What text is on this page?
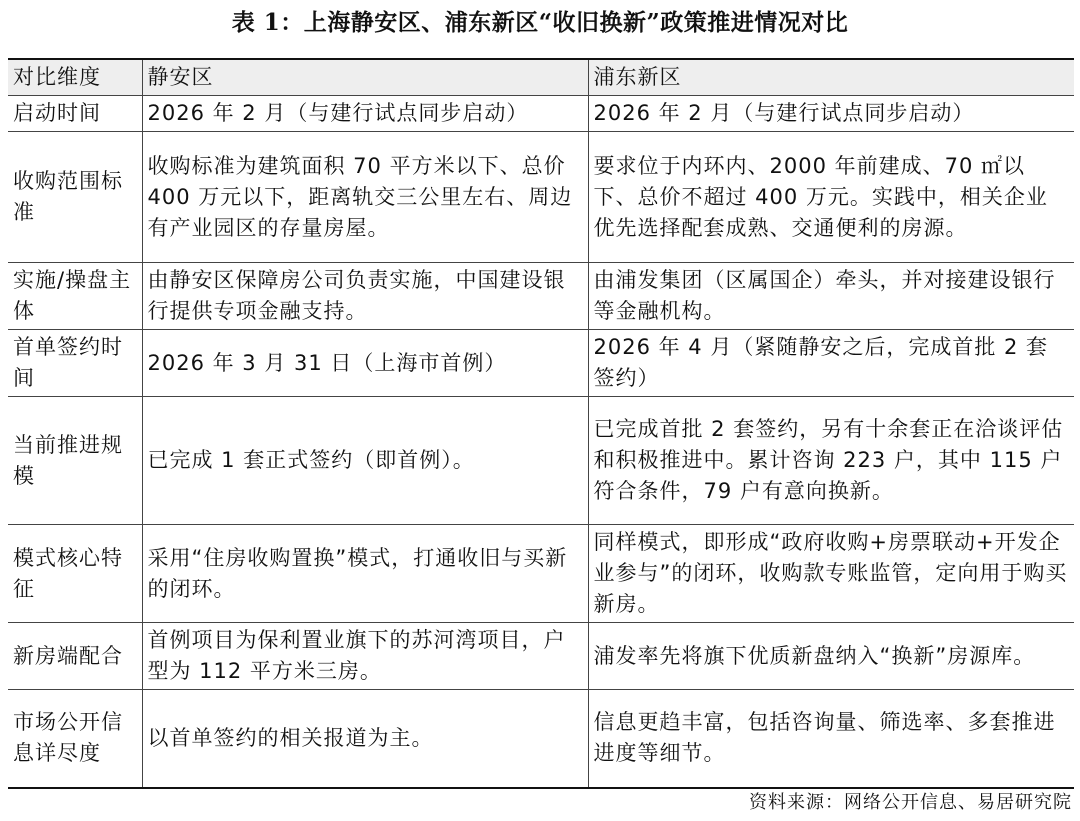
表 1：上海静安区、浦东新区“收旧换新”政策推进情况对比
对比维度	静安区	浦东新区
启动时间	2026 年 2 月（与建行试点同步启动）	2026 年 2 月（与建行试点同步启动）
收购范围标准	收购标准为建筑面积 70 平方米以下、总价 400 万元以下，距离轨交三公里左右、周边有产业园区的存量房屋。	要求位于内环内、2000 年前建成、70 ㎡以下、总价不超过 400 万元。实践中，相关企业优先选择配套成熟、交通便利的房源。
实施/操盘主体	由静安区保障房公司负责实施，中国建设银行提供专项金融支持。	由浦发集团（区属国企）牵头，并对接建设银行等金融机构。
首单签约时间	2026 年 3 月 31 日（上海市首例）	2026 年 4 月（紧随静安之后，完成首批 2 套签约）
当前推进规模	已完成 1 套正式签约（即首例）。	已完成首批 2 套签约，另有十余套正在洽谈评估和积极推进中。累计咨询 223 户，其中 115 户符合条件，79 户有意向换新。
模式核心特征	采用“住房收购置换”模式，打通收旧与买新的闭环。	同样模式，即形成“政府收购+房票联动+开发企业参与”的闭环，收购款专账监管，定向用于购买新房。
新房端配合	首例项目为保利置业旗下的苏河湾项目，户型为 112 平方米三房。	浦发率先将旗下优质新盘纳入“换新”房源库。
市场公开信息详尽度	以首单签约的相关报道为主。	信息更趋丰富，包括咨询量、筛选率、多套推进进度等细节。
资料来源：网络公开信息、易居研究院
